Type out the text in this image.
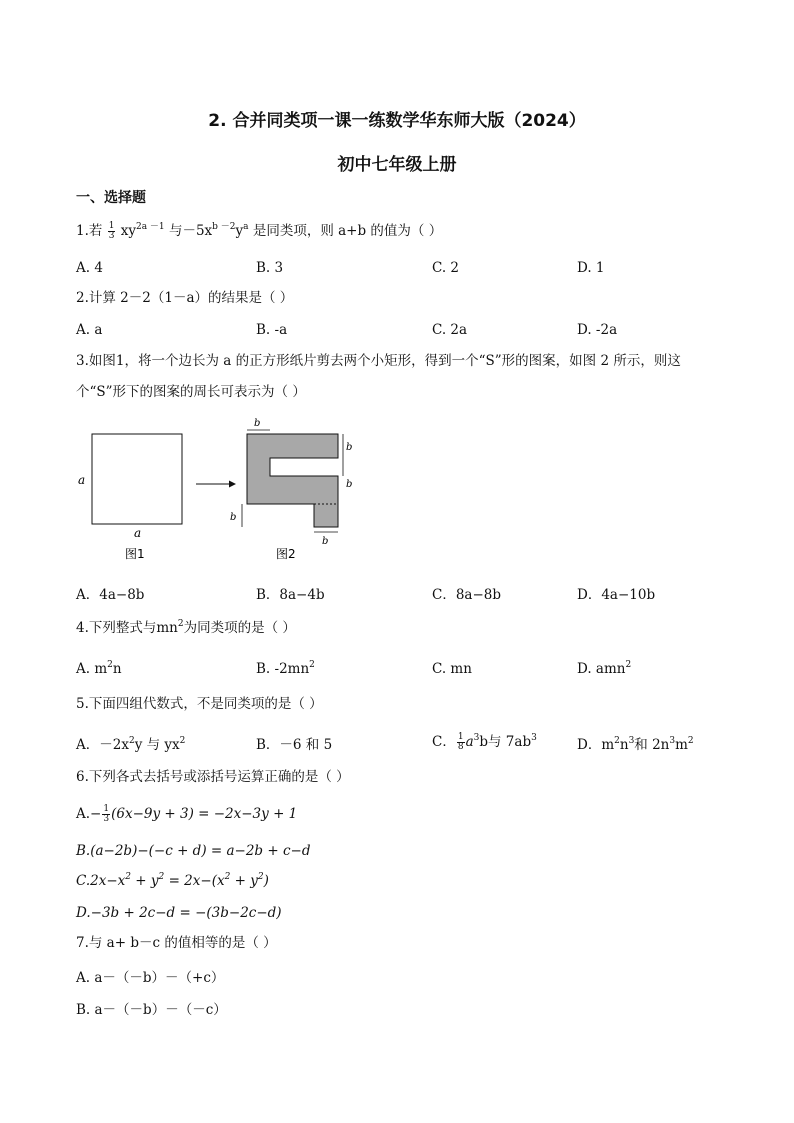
2. 合并同类项一课一练数学华东师大版（2024）
初中七年级上册
一、选择题
1.若 $\frac{1}{3} xy^{2a -1}$ 与$-5x^{b -2}y^a$ 是同类项，则 a+b 的值为（ ）
A. 4	B. 3	C. 2	D. 1
2.计算 2－2（1－a）的结果是（ ）
A. a	B. -a	C. 2a	D. -2a
3.如图1，将一个边长为 a 的正方形纸片剪去两个小矩形，得到一个“S”形的图案，如图 2 所示，则这
个“S”形下的图案的周长可表示为（ ）
a
a
图1
b
b
b
b
b
图2
A．4a−8b	B．8a−4b	C．8a−8b	D．4a−10b
4.下列整式与$mn^2$为同类项的是（ ）
A. $m^2n$	B. $-2mn^2$	C. mn	D. amn$^2$
5.下面四组代数式，不是同类项的是（ ）
A．$-2x^2y$ 与 $yx^2$	B．－6 和 5	C． $\frac{1}{8} a^3b$与 $7ab^3$	D．$m^2n^3$和 $2n^3m^2$
6.下列各式去括号或添括号运算正确的是（ ）
$A.- \frac{1}{3} (6x-9y + 3) = -2x-3y + 1$
B.(a−2b)−(−c + d) = a−2b + c−d
$C.2x-x^2 + y^2 = 2x-(x^2 + y^2)$
D.−3b + 2c−d = −(3b−2c−d)
7.与 a+ b－c 的值相等的是（ ）
A. a－（－b）－（+c）
B. a－（－b）－（－c）
